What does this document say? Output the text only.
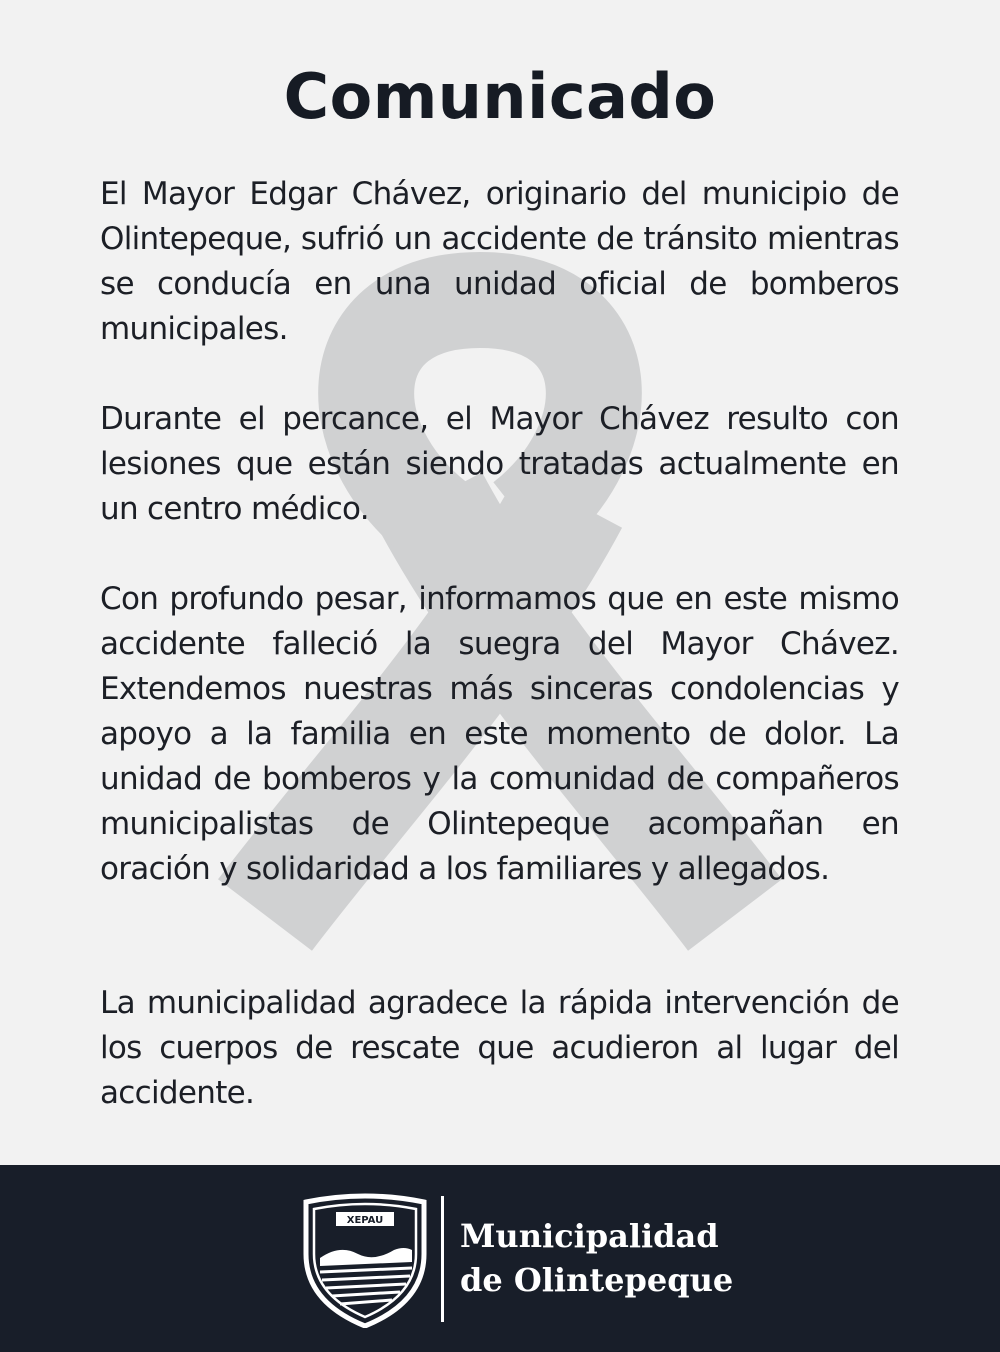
Comunicado

El Mayor Edgar Chávez, originario del municipio de Olintepeque, sufrió un accidente de tránsito mientras se conducía en una unidad oficial de bomberos municipales.

Durante el percance, el Mayor Chávez resulto con lesiones que están siendo tratadas actualmente en un centro médico.

Con profundo pesar, informamos que en este mismo accidente falleció la suegra del Mayor Chávez. Extendemos nuestras más sinceras condolencias y apoyo a la familia en este momento de dolor. La unidad de bomberos y la comunidad de compañeros municipalistas de Olintepeque acompañan en oración y solidaridad a los familiares y allegados.

La municipalidad agradece la rápida intervención de los cuerpos de rescate que acudieron al lugar del accidente.

XEPAU Municipalidad
de Olintepeque
